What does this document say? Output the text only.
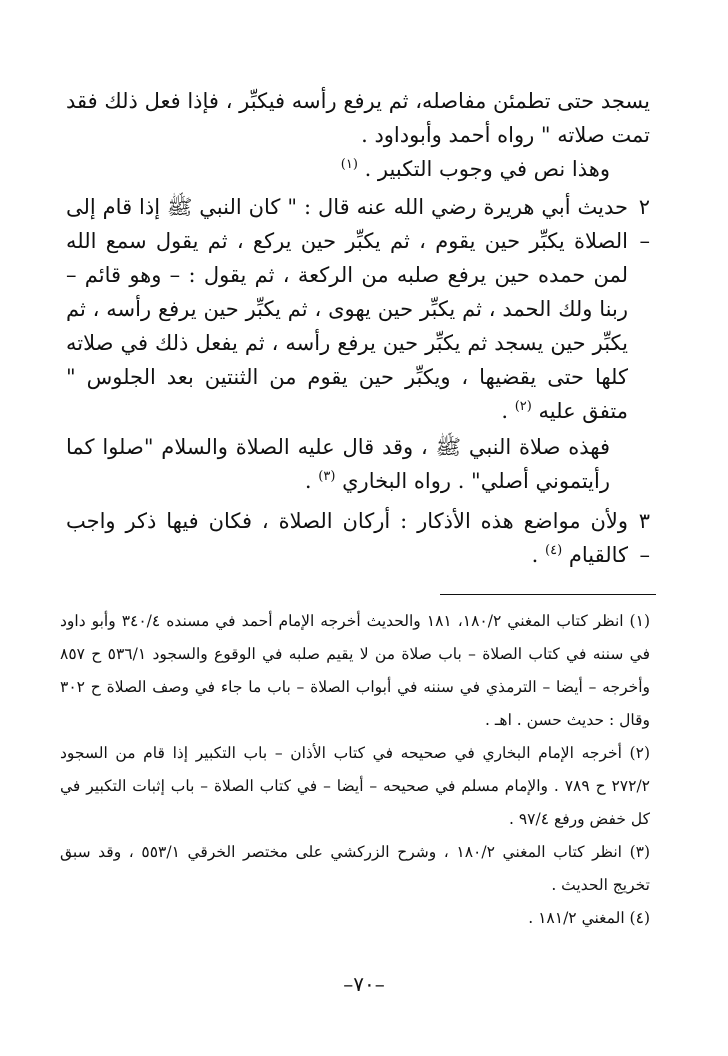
يسجد حتى تطمئن مفاصله، ثم يرفع رأسه فيكبِّر ، فإذا فعل ذلك فقد تمت صلاته " رواه أحمد وأبوداود .

وهذا نص في وجوب التكبير . $^{(١)}$

٢ –
حديث أبي هريرة رضي الله عنه قال : " كان النبي ﷺ إذا قام إلى الصلاة يكبِّر حين يقوم ، ثم يكبِّر حين يركع ، ثم يقول سمع الله لمن حمده حين يرفع صلبه من الركعة ، ثم يقول : – وهو قائم – ربنا ولك الحمد ، ثم يكبِّر حين يهوى ، ثم يكبِّر حين يرفع رأسه ، ثم يكبِّر حين يسجد ثم يكبِّر حين يرفع رأسه ، ثم يفعل ذلك في صلاته كلها حتى يقضيها ، ويكبِّر حين يقوم من الثنتين بعد الجلوس " متفق عليه $^{(٢)}$ .

فهذه صلاة النبي ﷺ ، وقد قال عليه الصلاة والسلام "صلوا كما رأيتموني أصلي" . رواه البخاري $^{(٣)}$ .

٣ –
ولأن مواضع هذه الأذكار : أركان الصلاة ، فكان فيها ذكر واجب كالقيام $^{(٤)}$ .

(١) انظر كتاب المغني ١٨٠/٢، ١٨١ والحديث أخرجه الإمام أحمد في مسنده ٣٤٠/٤ وأبو داود في سننه في كتاب الصلاة – باب صلاة من لا يقيم صلبه في الوقوع والسجود ٥٣٦/١ ح ٨٥٧ وأخرجه – أيضا – الترمذي في سننه في أبواب الصلاة – باب ما جاء في وصف الصلاة ح ٣٠٢ وقال : حديث حسن . اهـ .

(٢) أخرجه الإمام البخاري في صحيحه في كتاب الأذان – باب التكبير إذا قام من السجود ٢٧٢/٢ ح ٧٨٩ . والإمام مسلم في صحيحه – أيضا – في كتاب الصلاة – باب إثبات التكبير في كل خفض ورفع ٩٧/٤ .

(٣) انظر كتاب المغني ١٨٠/٢ ، وشرح الزركشي على مختصر الخرقي ٥٥٣/١ ، وقد سبق تخريج الحديث .

(٤) المغني ١٨١/٢ .

–٧٠–
